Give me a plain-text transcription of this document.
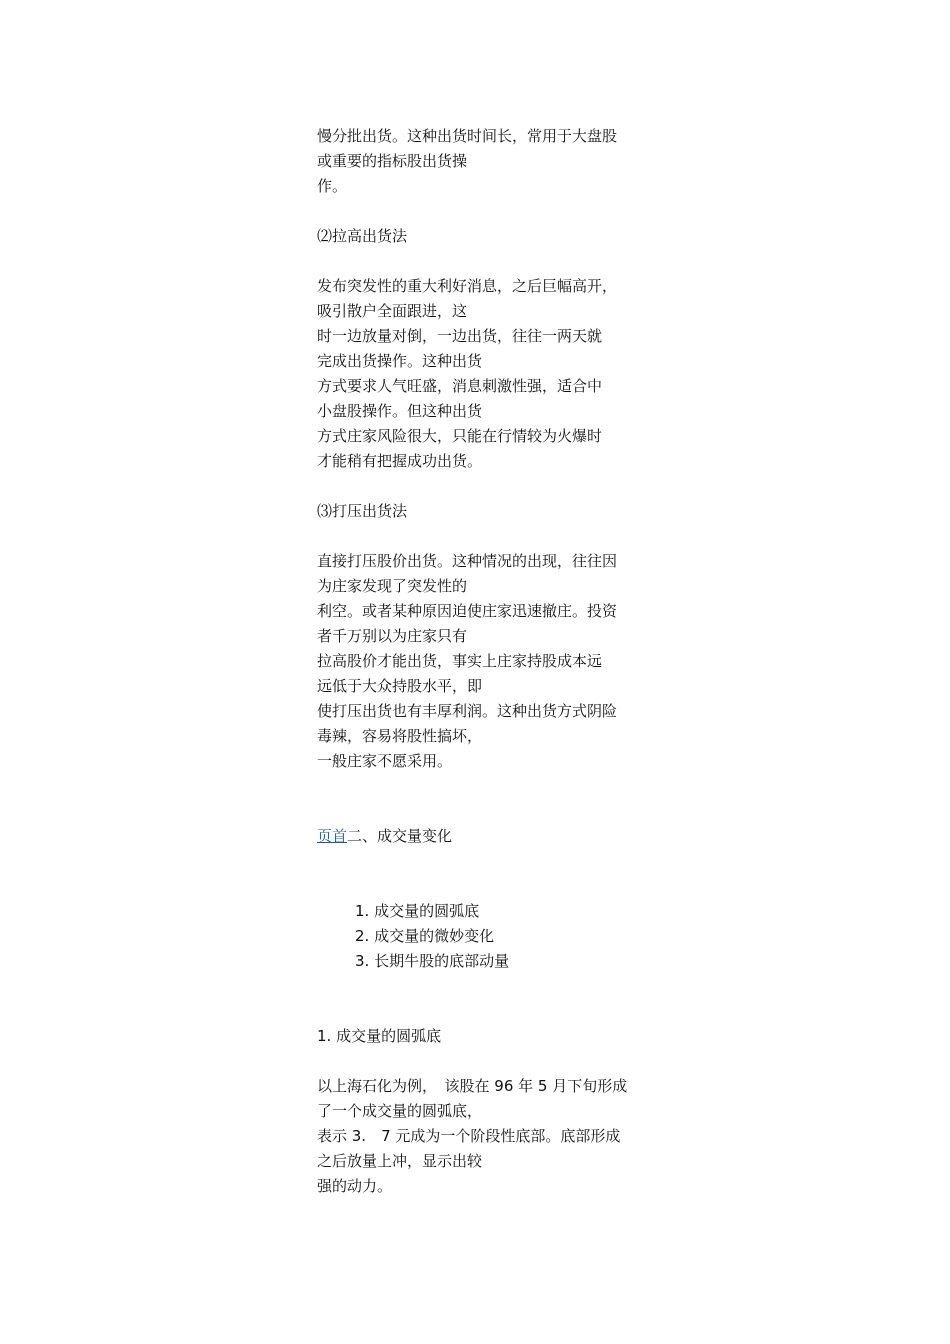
慢分批出货。这种出货时间长，常用于大盘股
或重要的指标股出货操
作。
⑵拉高出货法
发布突发性的重大利好消息，之后巨幅高开，
吸引散户全面跟进，这
时一边放量对倒，一边出货，往往一两天就
完成出货操作。这种出货
方式要求人气旺盛，消息刺激性强，适合中
小盘股操作。但这种出货
方式庄家风险很大，只能在行情较为火爆时
才能稍有把握成功出货。
⑶打压出货法
直接打压股价出货。这种情况的出现，往往因
为庄家发现了突发性的
利空。或者某种原因迫使庄家迅速撤庄。投资
者千万别以为庄家只有
拉高股价才能出货，事实上庄家持股成本远
远低于大众持股水平，即
使打压出货也有丰厚利润。这种出货方式阴险
毒辣，容易将股性搞坏，
一般庄家不愿采用。
页首二、成交量变化
1. 成交量的圆弧底
2. 成交量的微妙变化
3. 长期牛股的底部动量
1. 成交量的圆弧底
以上海石化为例，　该股在 96 年 5 月下旬形成
了一个成交量的圆弧底，
表示 3.　7 元成为一个阶段性底部。底部形成
之后放量上冲，显示出较
强的动力。
